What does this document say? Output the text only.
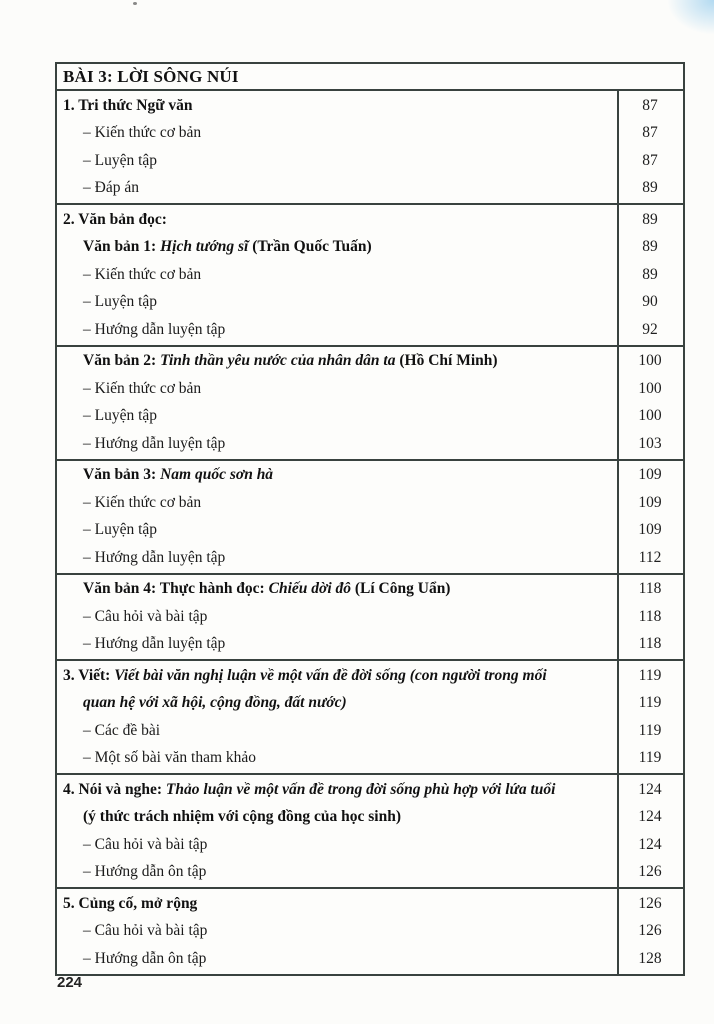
BÀI 3: LỜI SÔNG NÚI
1. Tri thức Ngữ văn	87
– Kiến thức cơ bản	87
– Luyện tập	87
– Đáp án	89
2. Văn bản đọc:	89
Văn bản 1: Hịch tướng sĩ (Trần Quốc Tuấn)	89
– Kiến thức cơ bản	89
– Luyện tập	90
– Hướng dẫn luyện tập	92
Văn bản 2: Tinh thần yêu nước của nhân dân ta (Hồ Chí Minh)	100
– Kiến thức cơ bản	100
– Luyện tập	100
– Hướng dẫn luyện tập	103
Văn bản 3: Nam quốc sơn hà	109
– Kiến thức cơ bản	109
– Luyện tập	109
– Hướng dẫn luyện tập	112
Văn bản 4: Thực hành đọc: Chiếu dời đô (Lí Công Uẩn)	118
– Câu hỏi và bài tập	118
– Hướng dẫn luyện tập	118
3. Viết: Viết bài văn nghị luận về một vấn đề đời sống (con người trong mối	119
quan hệ với xã hội, cộng đồng, đất nước)	119
– Các đề bài	119
– Một số bài văn tham khảo	119
4. Nói và nghe: Thảo luận về một vấn đề trong đời sống phù hợp với lứa tuổi	124
(ý thức trách nhiệm với cộng đồng của học sinh)	124
– Câu hỏi và bài tập	124
– Hướng dẫn ôn tập	126
5. Củng cố, mở rộng	126
– Câu hỏi và bài tập	126
– Hướng dẫn ôn tập	128
224
